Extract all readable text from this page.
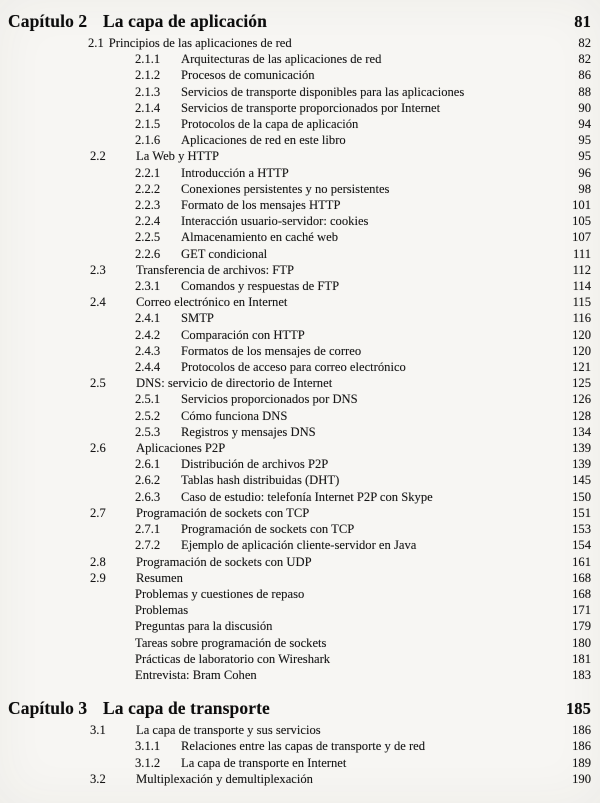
Capítulo 2 La capa de aplicación	81
2.1 Principios de las aplicaciones de red	82
2.1.1	Arquitecturas de las aplicaciones de red	82
2.1.2	Procesos de comunicación	86
2.1.3	Servicios de transporte disponibles para las aplicaciones	88
2.1.4	Servicios de transporte proporcionados por Internet	90
2.1.5	Protocolos de la capa de aplicación	94
2.1.6	Aplicaciones de red en este libro	95
2.2	La Web y HTTP	95
2.2.1	Introducción a HTTP	96
2.2.2	Conexiones persistentes y no persistentes	98
2.2.3	Formato de los mensajes HTTP	101
2.2.4	Interacción usuario-servidor: cookies	105
2.2.5	Almacenamiento en caché web	107
2.2.6	GET condicional	111
2.3	Transferencia de archivos: FTP	112
2.3.1	Comandos y respuestas de FTP	114
2.4	Correo electrónico en Internet	115
2.4.1	SMTP	116
2.4.2	Comparación con HTTP	120
2.4.3	Formatos de los mensajes de correo	120
2.4.4	Protocolos de acceso para correo electrónico	121
2.5	DNS: servicio de directorio de Internet	125
2.5.1	Servicios proporcionados por DNS	126
2.5.2	Cómo funciona DNS	128
2.5.3	Registros y mensajes DNS	134
2.6	Aplicaciones P2P	139
2.6.1	Distribución de archivos P2P	139
2.6.2	Tablas hash distribuidas (DHT)	145
2.6.3	Caso de estudio: telefonía Internet P2P con Skype	150
2.7	Programación de sockets con TCP	151
2.7.1	Programación de sockets con TCP	153
2.7.2	Ejemplo de aplicación cliente-servidor en Java	154
2.8	Programación de sockets con UDP	161
2.9	Resumen	168
Problemas y cuestiones de repaso	168
Problemas	171
Preguntas para la discusión	179
Tareas sobre programación de sockets	180
Prácticas de laboratorio con Wireshark	181
Entrevista: Bram Cohen	183
Capítulo 3 La capa de transporte	185
3.1	La capa de transporte y sus servicios	186
3.1.1	Relaciones entre las capas de transporte y de red	186
3.1.2	La capa de transporte en Internet	189
3.2	Multiplexación y demultiplexación	190
